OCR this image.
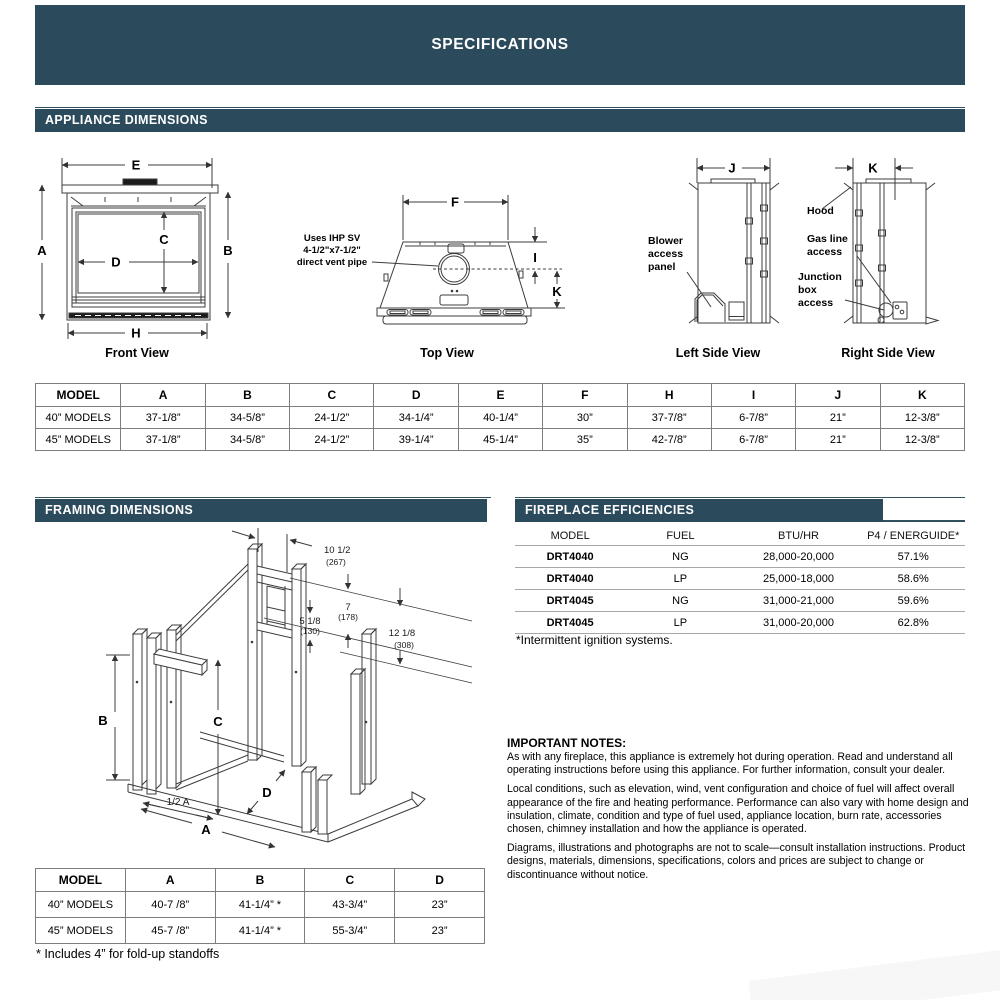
SPECIFICATIONS
APPLIANCE DIMENSIONS
E
A	B
C
D
H
Front View
F
I
K
Uses IHP SV
4-1/2"x7-1/2"
direct vent pipe
Top View
J
Blower
access
panel
Left Side View
K
Hood
Gas line
access
Junction
box
access
Right Side View
MODEL	A	B	C	D	E	F	H	I	J	K
40” MODELS	37-1/8”	34-5/8”	24-1/2”	34-1/4”	40-1/4”	30”	37-7/8”	6-7/8”	21”	12-3/8”
45” MODELS	37-1/8”	34-5/8”	24-1/2”	39-1/4”	45-1/4”	35”	42-7/8”	6-7/8”	21”	12-3/8”
FRAMING DIMENSIONS	FIREPLACE EFFICIENCIES
10 1/2
(267)
7
(178)
5 1/8
(130)	12 1/8
(308)
B	C
D
1/2 A
A
MODEL	FUEL	BTU/HR	P4 / ENERGUIDE*
DRT4040	NG	28,000-20,000	57.1%
DRT4040	LP	25,000-18,000	58.6%
DRT4045	NG	31,000-21,000	59.6%
DRT4045	LP	31,000-20,000	62.8%
*Intermittent ignition systems.
IMPORTANT NOTES:

As with any fireplace, this appliance is extremely hot during operation. Read and understand all operating instructions before using this appliance. For further information, consult your dealer.

Local conditions, such as elevation, wind, vent configuration and choice of fuel will affect overall appearance of the fire and heating performance. Performance can also vary with home design and insulation, climate, condition and type of fuel used, appliance location, burn rate, accessories chosen, chimney installation and how the appliance is operated.

Diagrams, illustrations and photographs are not to scale—consult installation instructions. Product designs, materials, dimensions, specifications, colors and prices are subject to change or discontinuance without notice.

MODEL	A	B	C	D
40” MODELS	40-7 /8”	41-1/4” *	43-3/4”	23”
45” MODELS	45-7 /8”	41-1/4” *	55-3/4”	23”
* Includes 4” for fold-up standoffs
